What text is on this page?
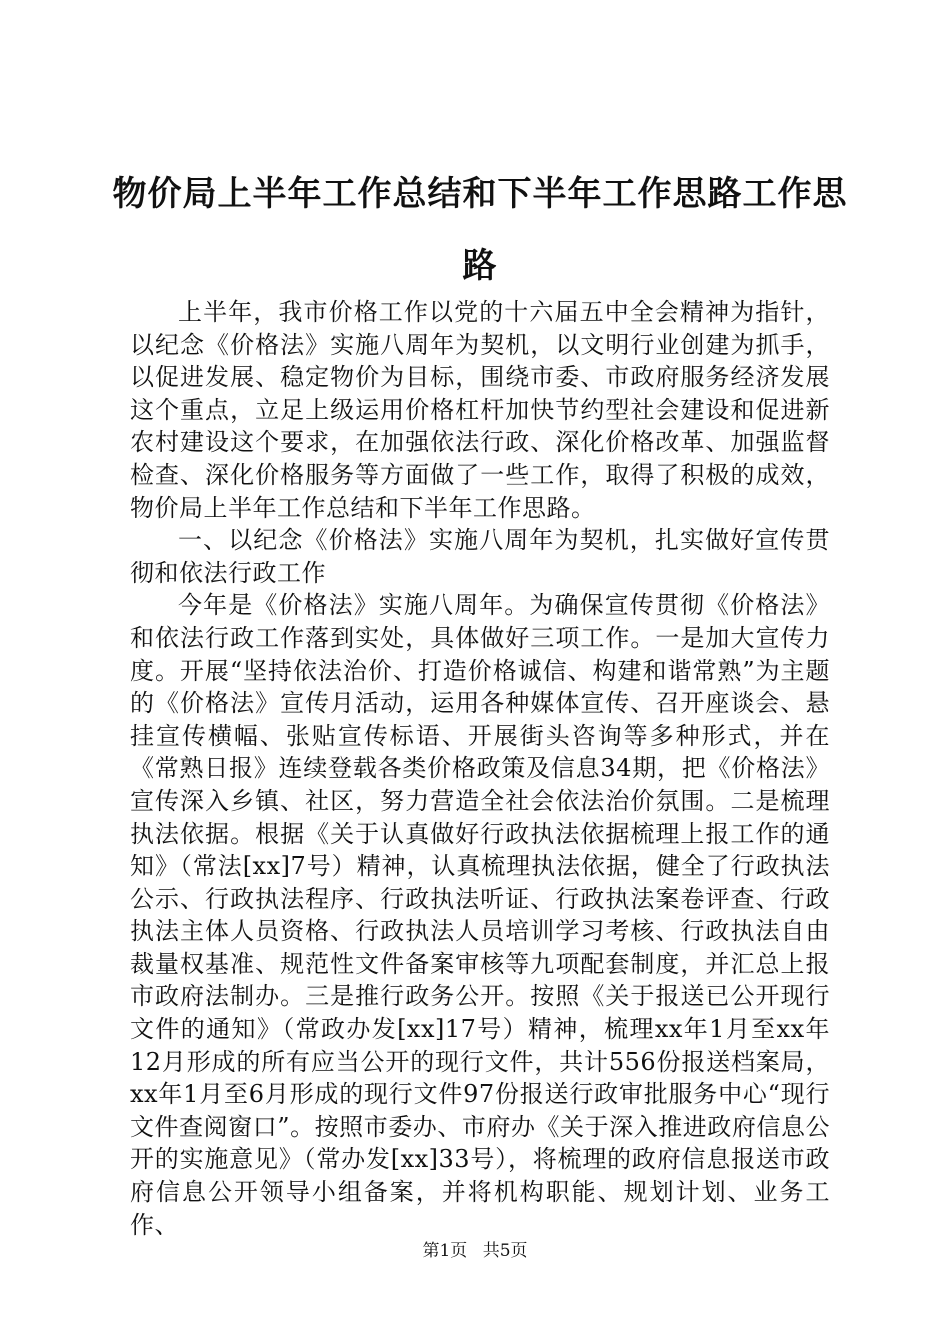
物价局上半年工作总结和下半年工作思路工作思路

上半年，我市价格工作以党的十六届五中全会精神为指针，以纪念《价格法》实施八周年为契机，以文明行业创建为抓手，以促进发展、稳定物价为目标，围绕市委、市政府服务经济发展这个重点，立足上级运用价格杠杆加快节约型社会建设和促进新农村建设这个要求，在加强依法行政、深化价格改革、加强监督检查、深化价格服务等方面做了一些工作，取得了积极的成效，物价局上半年工作总结和下半年工作思路。

一、以纪念《价格法》实施八周年为契机，扎实做好宣传贯彻和依法行政工作

今年是《价格法》实施八周年。为确保宣传贯彻《价格法》和依法行政工作落到实处，具体做好三项工作。一是加大宣传力度。开展“坚持依法治价、打造价格诚信、构建和谐常熟”为主题的《价格法》宣传月活动，运用各种媒体宣传、召开座谈会、悬挂宣传横幅、张贴宣传标语、开展街头咨询等多种形式，并在《常熟日报》连续登载各类价格政策及信息34期，把《价格法》宣传深入乡镇、社区，努力营造全社会依法治价氛围。二是梳理执法依据。根据《关于认真做好行政执法依据梳理上报工作的通知》（常法[xx]7号）精神，认真梳理执法依据，健全了行政执法公示、行政执法程序、行政执法听证、行政执法案卷评查、行政执法主体人员资格、行政执法人员培训学习考核、行政执法自由裁量权基准、规范性文件备案审核等九项配套制度，并汇总上报市政府法制办。三是推行政务公开。按照《关于报送已公开现行文件的通知》（常政办发[xx]17号）精神，梳理xx年1月至xx年12月形成的所有应当公开的现行文件，共计556份报送档案局，xx年1月至6月形成的现行文件97份报送行政审批服务中心“现行文件查阅窗口”。按照市委办、市府办《关于深入推进政府信息公开的实施意见》（常办发[xx]33号），将梳理的政府信息报送市政府信息公开领导小组备案，并将机构职能、规划计划、业务工作、

第1页 共5页
